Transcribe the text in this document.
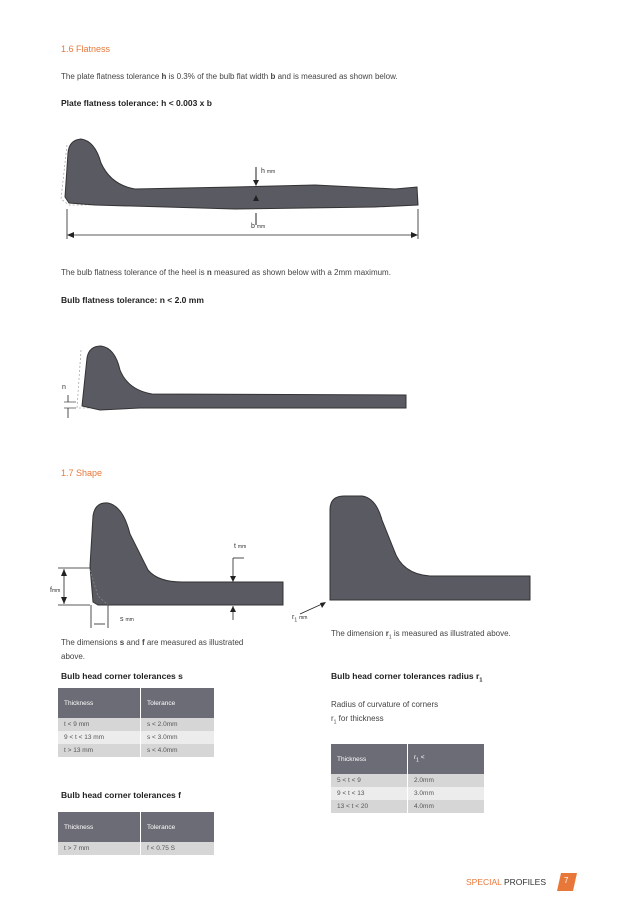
1.6 Flatness
The plate flatness tolerance h is 0.3% of the bulb flat width b and is measured as shown below.
Plate flatness tolerance: h < 0.003 x b
h mm
b mm
The bulb flatness tolerance of the heel is n measured as shown below with a 2mm maximum.
Bulb flatness tolerance: n < 2.0 mm
n
1.7 Shape
t mm
fmm
s mm	$r_1$ mm
The dimensions s and f are measured as illustrated above.
The dimension $r_1$ is measured as illustrated above.
Bulb head corner tolerances s
Thickness	Tolerance
t < 9 mm	s < 2.0mm
9 < t < 13 mm	s < 3.0mm
t > 13 mm	s < 4.0mm
Bulb head corner tolerances f
Thickness	Tolerance
t > 7 mm	f < 0.75 S
Bulb head corner tolerances radius $r_1$
Radius of curvature of corners
$r_1$ for thickness
Thickness	$r_1$ <
5 < t < 9	2.0mm
9 < t < 13	3.0mm
13 < t < 20	4.0mm
SPECIAL PROFILES 7
